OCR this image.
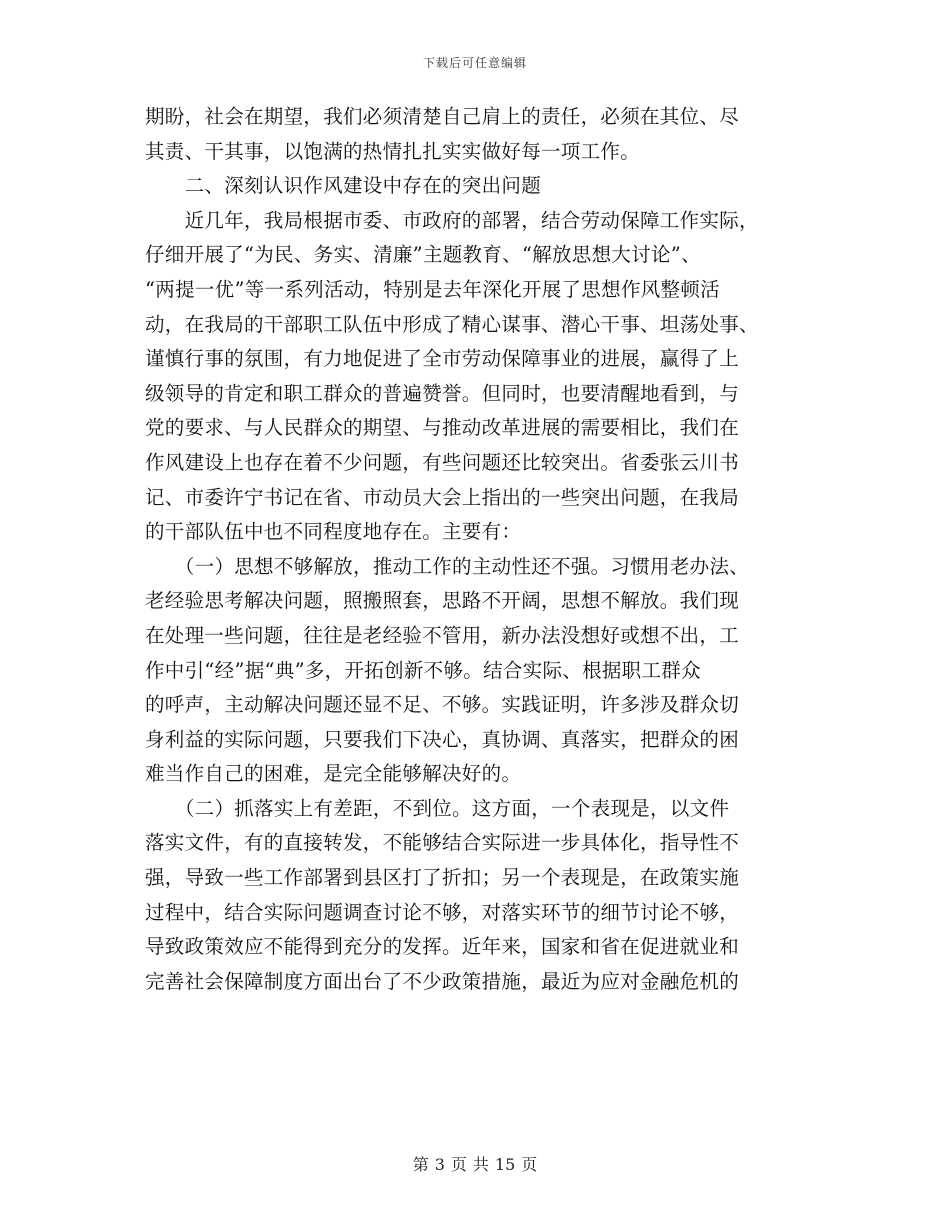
下载后可任意编辑
期盼，社会在期望，我们必须清楚自己肩上的责任，必须在其位、尽
其责、干其事，以饱满的热情扎扎实实做好每一项工作。
　　二、深刻认识作风建设中存在的突出问题
　　近几年，我局根据市委、市政府的部署，结合劳动保障工作实际，
仔细开展了“为民、务实、清廉”主题教育、“解放思想大讨论”、
“两提一优”等一系列活动，特别是去年深化开展了思想作风整顿活
动，在我局的干部职工队伍中形成了精心谋事、潜心干事、坦荡处事、
谨慎行事的氛围，有力地促进了全市劳动保障事业的进展，赢得了上
级领导的肯定和职工群众的普遍赞誉。但同时，也要清醒地看到，与
党的要求、与人民群众的期望、与推动改革进展的需要相比，我们在
作风建设上也存在着不少问题，有些问题还比较突出。省委张云川书
记、市委许宁书记在省、市动员大会上指出的一些突出问题，在我局
的干部队伍中也不同程度地存在。主要有：
　　（一）思想不够解放，推动工作的主动性还不强。习惯用老办法、
老经验思考解决问题，照搬照套，思路不开阔，思想不解放。我们现
在处理一些问题，往往是老经验不管用，新办法没想好或想不出，工
作中引“经”据“典”多，开拓创新不够。结合实际、根据职工群众
的呼声，主动解决问题还显不足、不够。实践证明，许多涉及群众切
身利益的实际问题，只要我们下决心，真协调、真落实，把群众的困
难当作自己的困难，是完全能够解决好的。
　　（二）抓落实上有差距，不到位。这方面，一个表现是，以文件
落实文件，有的直接转发，不能够结合实际进一步具体化，指导性不
强，导致一些工作部署到县区打了折扣；另一个表现是，在政策实施
过程中，结合实际问题调查讨论不够，对落实环节的细节讨论不够，
导致政策效应不能得到充分的发挥。近年来，国家和省在促进就业和
完善社会保障制度方面出台了不少政策措施，最近为应对金融危机的
第 3 页 共 15 页
